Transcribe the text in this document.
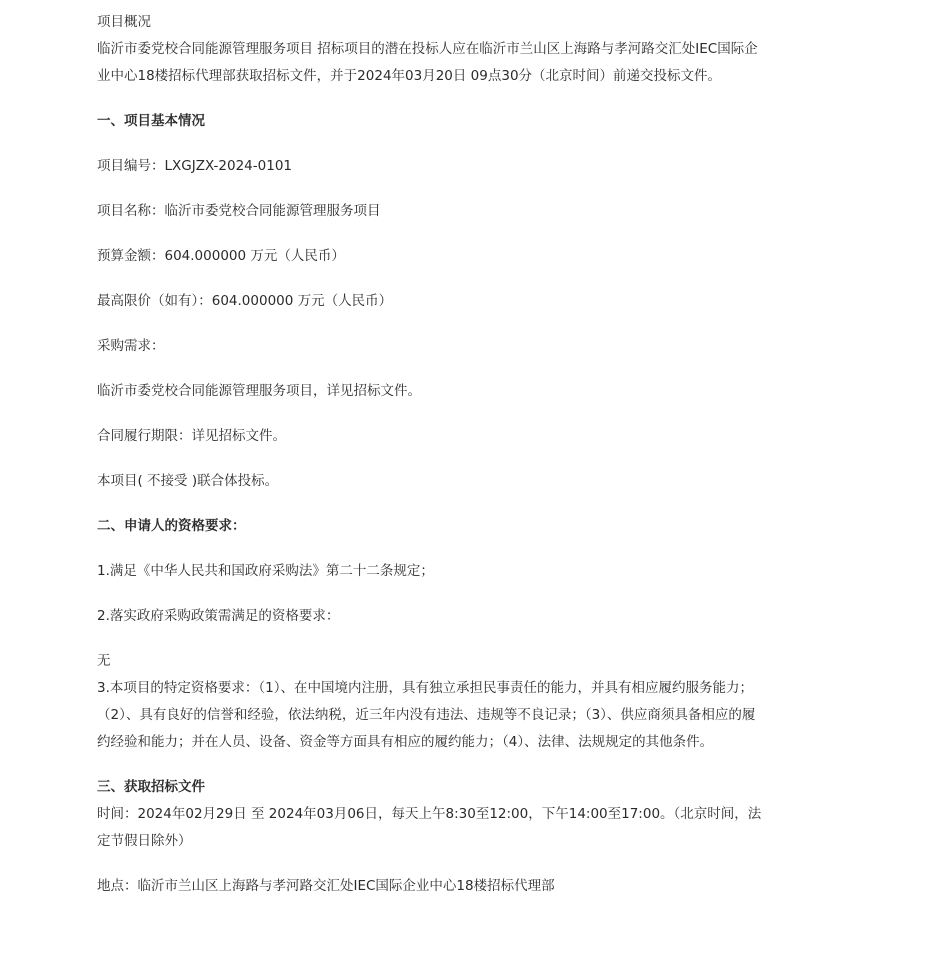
项目概况

临沂市委党校合同能源管理服务项目 招标项目的潜在投标人应在临沂市兰山区上海路与孝河路交汇处IEC国际企业中心18楼招标代理部获取招标文件，并于2024年03月20日 09点30分（北京时间）前递交投标文件。

一、项目基本情况

项目编号：LXGJZX-2024-0101

项目名称：临沂市委党校合同能源管理服务项目

预算金额：604.000000 万元（人民币）

最高限价（如有）：604.000000 万元（人民币）

采购需求：

临沂市委党校合同能源管理服务项目，详见招标文件。

合同履行期限：详见招标文件。

本项目( 不接受 )联合体投标。

二、申请人的资格要求：

1.满足《中华人民共和国政府采购法》第二十二条规定；

2.落实政府采购政策需满足的资格要求：

无

3.本项目的特定资格要求：（1）、在中国境内注册，具有独立承担民事责任的能力，并具有相应履约服务能力；（2）、具有良好的信誉和经验，依法纳税，近三年内没有违法、违规等不良记录；（3）、供应商须具备相应的履约经验和能力；并在人员、设备、资金等方面具有相应的履约能力；（4）、法律、法规规定的其他条件。

三、获取招标文件

时间：2024年02月29日 至 2024年03月06日，每天上午8:30至12:00，下午14:00至17:00。（北京时间，法定节假日除外）

地点：临沂市兰山区上海路与孝河路交汇处IEC国际企业中心18楼招标代理部
